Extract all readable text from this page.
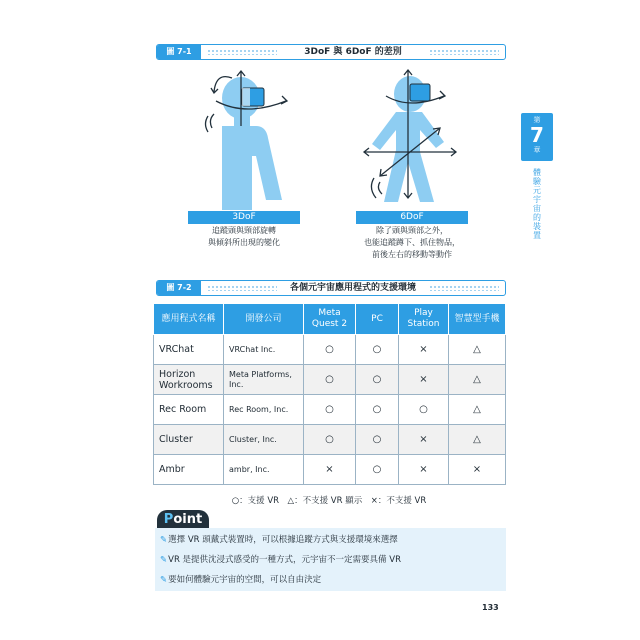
圖 7-1	3DoF 與 6DoF 的差別
3DoF
追蹤頭與頸部旋轉
與傾斜所出現的變化
6DoF
除了頭與頸部之外，
也能追蹤蹲下、抓住物品，
前後左右的移動等動作
第
7
章
體驗元宇宙的裝置
圖 7-2	各個元宇宙應用程式的支援環境
應用程式名稱	開發公司	Meta Quest 2	PC	Play Station	智慧型手機
VRChat	VRChat Inc.	○	○	×	△
Horizon Workrooms	Meta Platforms, Inc.	○	○	×	△
Rec Room	Rec Room, Inc.	○	○	○	△
Cluster	Cluster, Inc.	○	○	×	△
Ambr	ambr, Inc.	×	○	×	×
○：支援 VR　△：不支援 VR 顯示　×：不支援 VR
Point
✎選擇 VR 頭戴式裝置時，可以根據追蹤方式與支援環境來選擇
✎VR 是提供沈浸式感受的一種方式，元宇宙不一定需要具備 VR
✎要如何體驗元宇宙的空間，可以自由決定
133
